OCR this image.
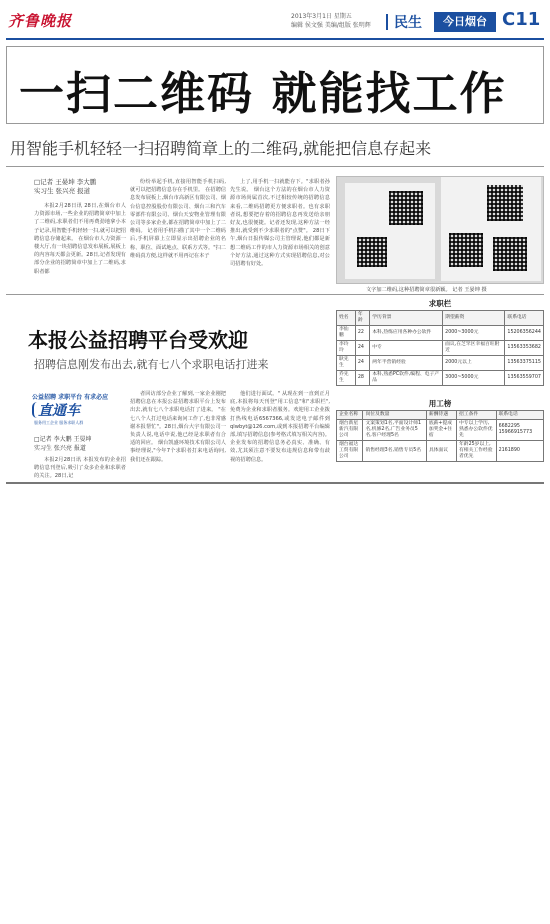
齐鲁晚报	2013年3月1日 星期五
编辑 侯文强 美编/组版 张明辉 民生	今日烟台 C11
一扫二维码 就能找工作
用智能手机轻轻一扫招聘简章上的二维码,就能把信息存起来
□记者 王晏坤 李大鹏
实习生 张兴亮 报道

本报2月28日讯 28日,在烟台市人力资源市场,一些企业的招聘简章中加上了二维码,求职者们不用再费劲地拿小本子记录,用智能手机轻轻一扫,就可以把招聘信息存储起来。 在烟台市人力资源一楼大厅,有一块招聘信息发布展板,展板上的内容每天都会更新。28日,记者发现有部分企业的招聘简章中加上了二维码,求职者都

纷纷举起手机,直接用智能手机扫码,就可以把招聘信息存在手机里。 在招聘信息发布展板上,烟台市高新区有限公司、烟台信息控股股份有限公司、烟台三和汽车零部件有限公司、烟台天安物业管理有限公司等多家企业,都在招聘简章中加上了二维码。 记者用手机扫描了其中一个二维码后,手机屏幕上立即显示出招聘企业的名称、职位、面试地点、联系方式等。"扫二维码真方便,这样就不用再记在本子

上了,用手机一扫就能存下。"求职者孙先生说。 烟台这个方法的在烟台市人力资源市场尚属首次,不过相较传统的招聘信息来看,二维码招聘更方便求职者。也有求职者说,想要把存着的招聘信息再发送给亲朋好友,也很便捷。记者还发现,这种方法一经推出,就受到不少求职者的"点赞"。 28日下午,烟台日报传媒公司主管理说,他们都是新想二维码工作的市人力资源市场相关的创意个好方法,通过这种方式实现招聘信息,对公司招聘有好处。

文字加二维码,这种招聘简章很新颖。 记者 王晏坤 摄
本报公益招聘平台受欢迎
招聘信息刚发布出去,就有七八个求职电话打进来
公益招聘 求职平台 有求必应
直通车
服务用工企业 服务求职人群
□记者 李大鹏 王晏坤
实习生 张兴亮 报道

本报2月28日讯 本报发布的企业招聘信息刊登后,吸引了众多企业和求职者的关注。28日,记

者回访部分企业了解到,一家企业刚把招聘信息在本报公益招聘求职平台上发布出去,就有七八个求职电话打了进来。 "在七八个人打过电话来询问工作了,也非常感谢本报帮忙"。28日,烟台大宇有限公司一负责人说,电话中说,他已经是求职者有合适的回应。 烟台凯盛环境技术有限公司人事经理说,"今年7个求职者打来电话询问,我们还在跟踪。

他们进行面试。" 从现在到一直到正月底,本报将每天刊登"用工信息"和"求职栏",免费为企业和求职者服务。欢迎用工企业拨打热线电话6567366,或发送电子邮件到qlwbyt@126.com,或到本报招聘平台编辑部,填写招聘信息(参考格式填写相关内容)。企业发布的招聘信息务必真实、准确、有效,尤其须注意不要发布违规信息和带有歧视的招聘信息。

求职栏
姓名	年龄	学历背景	期望薪资	联系电话
李仙鹏	22	本科,热练应用各种办公软件	2000~3000元	15206356244
李玲玲	24	中专	面议,在芝罘区幸福百旺附近	13563353682
耿先生	24	两年半营销经验	2000元以上	13563375115
乔先生	28	本科,熟悉PC软件,编程、电子产品	3000~5000元	13563559707
用工榜
企业名称	岗位及数量	薪酬待遇	招工条件	联系电话
烟台新星新汽有限公司	文案策划1名,平面设计师1名,机修2名,广告业务员5名,客户经理5名	底薪+提成加奖金+住宿	中专以上学历,熟悉办公软件优先	6682295 15966915773
烟台福达工贸有限公司	销售经理3名,销售专员5名	具体面议	年龄25岁以上,有相关工作经验者优先	2161890
